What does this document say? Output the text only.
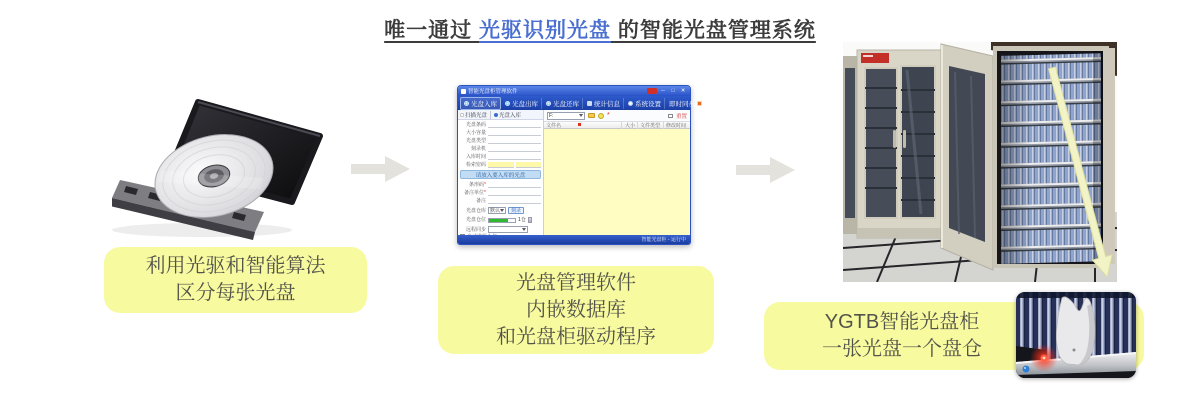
唯一通过 光驱识别光盘 的智能光盘管理系统
智能光盘柜管理软件	─	□	✕
光盘入库 光盘出库 光盘还库 统计信息 系统设置 即时同步
扫描光盘 光盘入库
光盘条码
大小容量
光盘类型
刻录机
入库时间
检索密码
请放入要入库的光盘
条形码*
备注单位*
备注
光盘仓库 默认	刻录
光盘仓位	1仓
远程同步
F:	*	重置
文件名	大小	文件类型	修改时间
智能光盘柜 - 运行中
利用光驱和智能算法
区分每张光盘	光盘管理软件
内嵌数据库
和光盘柜驱动程序
YGTB智能光盘柜
一张光盘一个盘仓
